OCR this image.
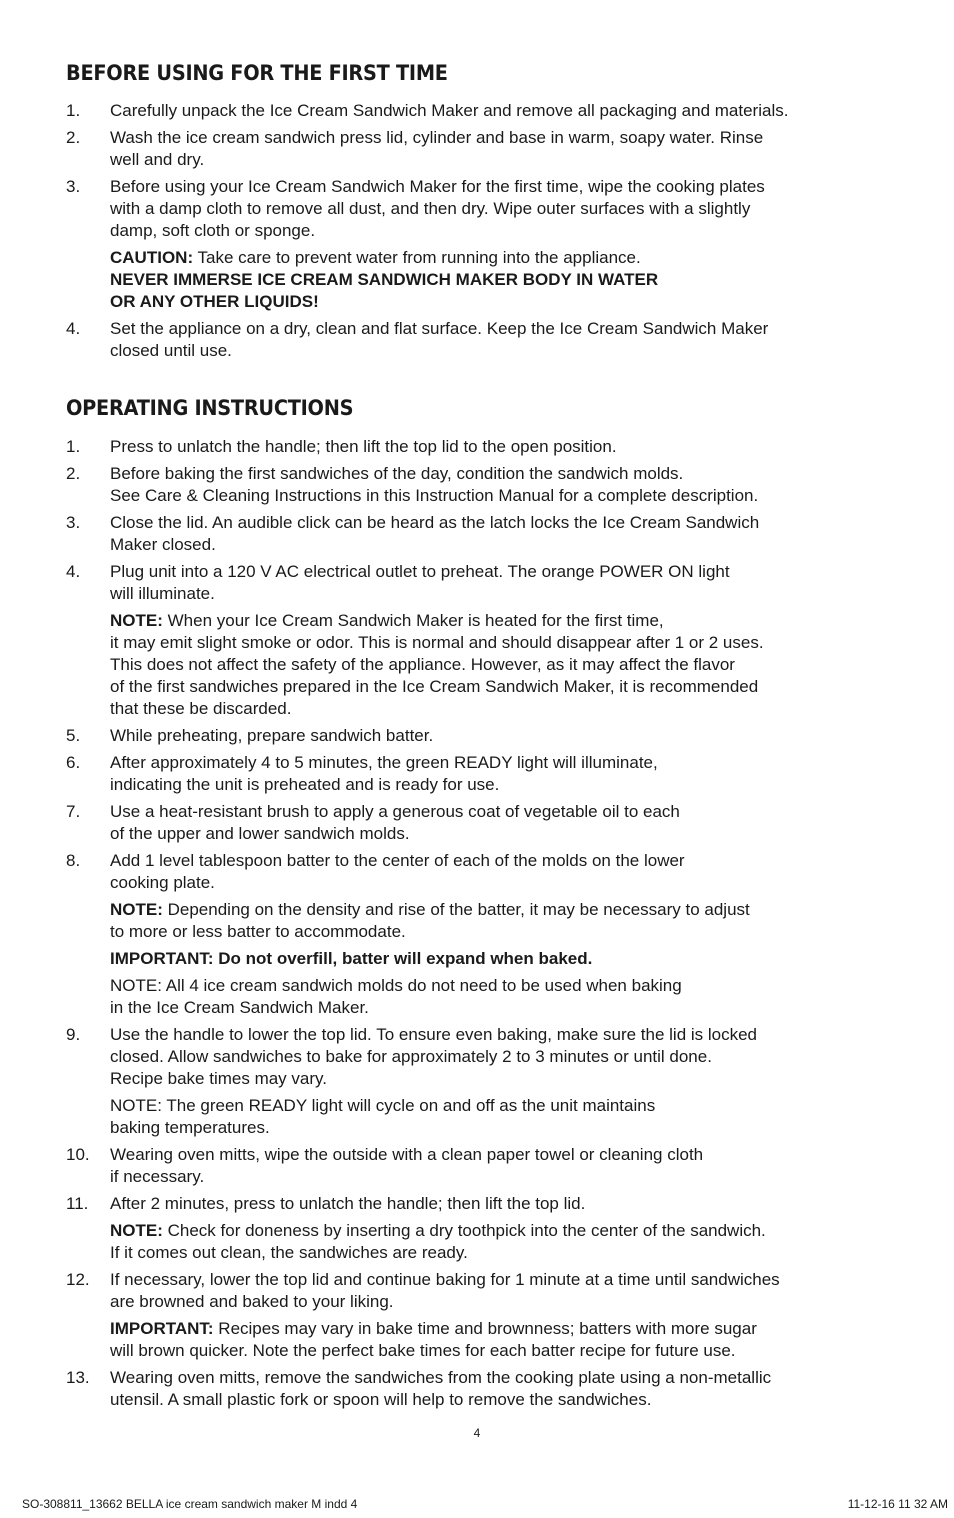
BEFORE USING FOR THE FIRST TIME
1. Carefully unpack the Ice Cream Sandwich Maker and remove all packaging and materials.
2. Wash the ice cream sandwich press lid, cylinder and base in warm, soapy water. Rinse
well and dry.
3. Before using your Ice Cream Sandwich Maker for the first time, wipe the cooking plates
with a damp cloth to remove all dust, and then dry. Wipe outer surfaces with a slightly
damp, soft cloth or sponge.
CAUTION: Take care to prevent water from running into the appliance.
NEVER IMMERSE ICE CREAM SANDWICH MAKER BODY IN WATER
OR ANY OTHER LIQUIDS!
4. Set the appliance on a dry, clean and flat surface. Keep the Ice Cream Sandwich Maker
closed until use.
OPERATING INSTRUCTIONS
1. Press to unlatch the handle; then lift the top lid to the open position.
2. Before baking the first sandwiches of the day, condition the sandwich molds.
See Care & Cleaning Instructions in this Instruction Manual for a complete description.
3. Close the lid. An audible click can be heard as the latch locks the Ice Cream Sandwich
Maker closed.
4. Plug unit into a 120 V AC electrical outlet to preheat. The orange POWER ON light
will illuminate.
NOTE: When your Ice Cream Sandwich Maker is heated for the first time,
it may emit slight smoke or odor. This is normal and should disappear after 1 or 2 uses.
This does not affect the safety of the appliance. However, as it may affect the flavor
of the first sandwiches prepared in the Ice Cream Sandwich Maker, it is recommended
that these be discarded.
5. While preheating, prepare sandwich batter.
6. After approximately 4 to 5 minutes, the green READY light will illuminate,
indicating the unit is preheated and is ready for use.
7. Use a heat-resistant brush to apply a generous coat of vegetable oil to each
of the upper and lower sandwich molds.
8. Add 1 level tablespoon batter to the center of each of the molds on the lower
cooking plate.
NOTE: Depending on the density and rise of the batter, it may be necessary to adjust
to more or less batter to accommodate.
IMPORTANT: Do not overfill, batter will expand when baked.
NOTE: All 4 ice cream sandwich molds do not need to be used when baking
in the Ice Cream Sandwich Maker.
9. Use the handle to lower the top lid. To ensure even baking, make sure the lid is locked
closed. Allow sandwiches to bake for approximately 2 to 3 minutes or until done.
Recipe bake times may vary.
NOTE: The green READY light will cycle on and off as the unit maintains
baking temperatures.
10. Wearing oven mitts, wipe the outside with a clean paper towel or cleaning cloth
if necessary.
11. After 2 minutes, press to unlatch the handle; then lift the top lid.
NOTE: Check for doneness by inserting a dry toothpick into the center of the sandwich.
If it comes out clean, the sandwiches are ready.
12. If necessary, lower the top lid and continue baking for 1 minute at a time until sandwiches
are browned and baked to your liking.
IMPORTANT: Recipes may vary in bake time and brownness; batters with more sugar
will brown quicker. Note the perfect bake times for each batter recipe for future use.
13. Wearing oven mitts, remove the sandwiches from the cooking plate using a non-metallic
utensil. A small plastic fork or spoon will help to remove the sandwiches.
4
SO-308811_13662 BELLA ice cream sandwich maker M indd 4	11-12-16 11 32 AM
